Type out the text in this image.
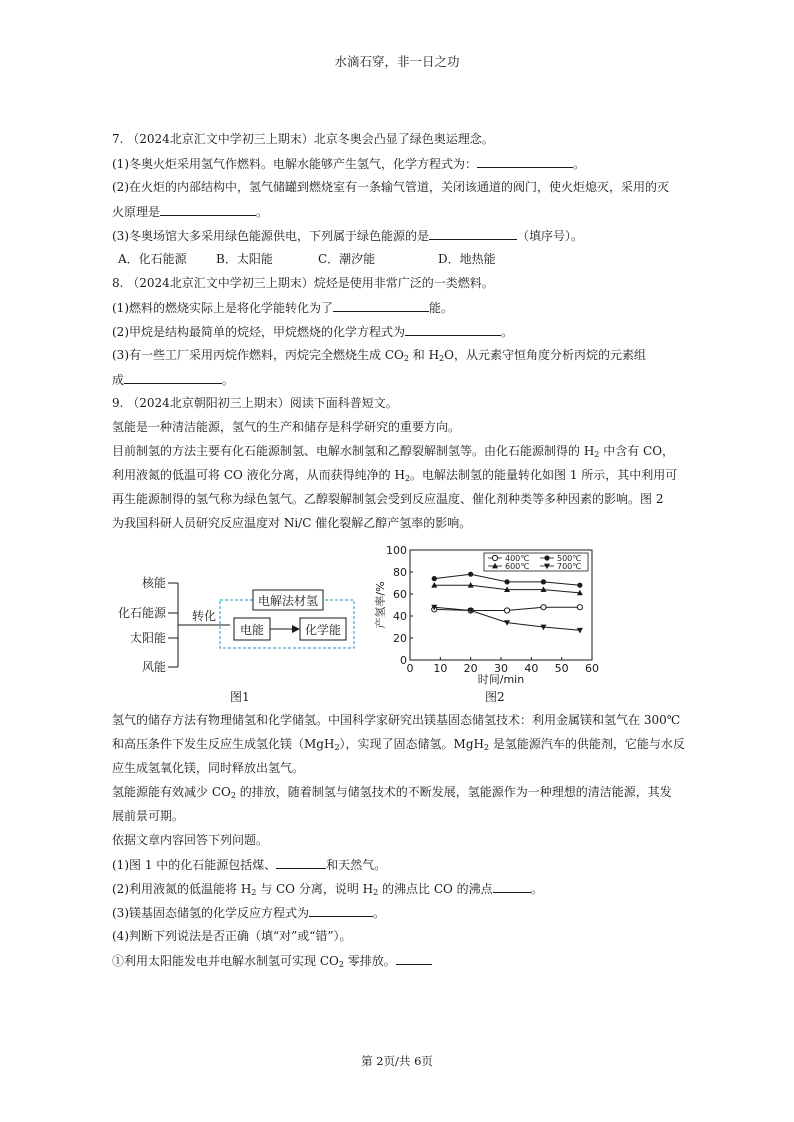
水滴石穿，非一日之功
7. （2024北京汇文中学初三上期末）北京冬奥会凸显了绿色奥运理念。
(1)冬奥火炬采用氢气作燃料。电解水能够产生氢气，化学方程式为：	。
(2)在火炬的内部结构中，氢气储罐到燃烧室有一条输气管道，关闭该通道的阀门，使火炬熄灭，采用的灭
火原理是	。
(3)冬奥场馆大多采用绿色能源供电，下列属于绿色能源的是	（填序号）。
A．化石能源 B．太阳能	C．潮汐能	D．地热能
8. （2024北京汇文中学初三上期末）烷烃是使用非常广泛的一类燃料。
(1)燃料的燃烧实际上是将化学能转化为了	能。
(2)甲烷是结构最简单的烷烃，甲烷燃烧的化学方程式为	。
(3)有一些工厂采用丙烷作燃料，丙烷完全燃烧生成 $CO_2$ 和 $H_2O$，从元素守恒角度分析丙烷的元素组
成	。
9. （2024北京朝阳初三上期末）阅读下面科普短文。
氢能是一种清洁能源，氢气的生产和储存是科学研究的重要方向。
目前制氢的方法主要有化石能源制氢、电解水制氢和乙醇裂解制氢等。由化石能源制得的 $H_2$ 中含有 CO，
利用液氮的低温可将 CO 液化分离，从而获得纯净的 $H_2$。电解法制氢的能量转化如图 1 所示，其中利用可
再生能源制得的氢气称为绿色氢气。乙醇裂解制氢会受到反应温度、催化剂种类等多种因素的影响。图 2
为我国科研人员研究反应温度对 Ni/C 催化裂解乙醇产氢率的影响。
氢气的储存方法有物理储氢和化学储氢。中国科学家研究出镁基固态储氢技术：利用金属镁和氢气在 300℃
和高压条件下发生反应生成氢化镁（MgH$_2$），实现了固态储氢。MgH$_2$ 是氢能源汽车的供能剂，它能与水反
应生成氢氧化镁，同时释放出氢气。
氢能源能有效减少 $CO_2$ 的排放，随着制氢与储氢技术的不断发展，氢能源作为一种理想的清洁能源，其发
展前景可期。
依据文章内容回答下列问题。
(1)图 1 中的化石能源包括煤、	和天然气。
(2)利用液氮的低温能将 $H_2$ 与 CO 分离，说明 $H_2$ 的沸点比 CO 的沸点	。
(3)镁基固态储氢的化学反应方程式为	。
(4)判断下列说法是否正确（填“对”或“错”）。
①利用太阳能发电并电解水制氢可实现 $CO_2$ 零排放。
核能
化石能源
太阳能
风能
转化
电解法材氢
电能	化学能
图1
0
20
40
60
80
100
0 10 20 30 40 50 60
时间/min
产氢率/%
400℃	500℃
600℃	700℃
图2
第 2页/共 6页
